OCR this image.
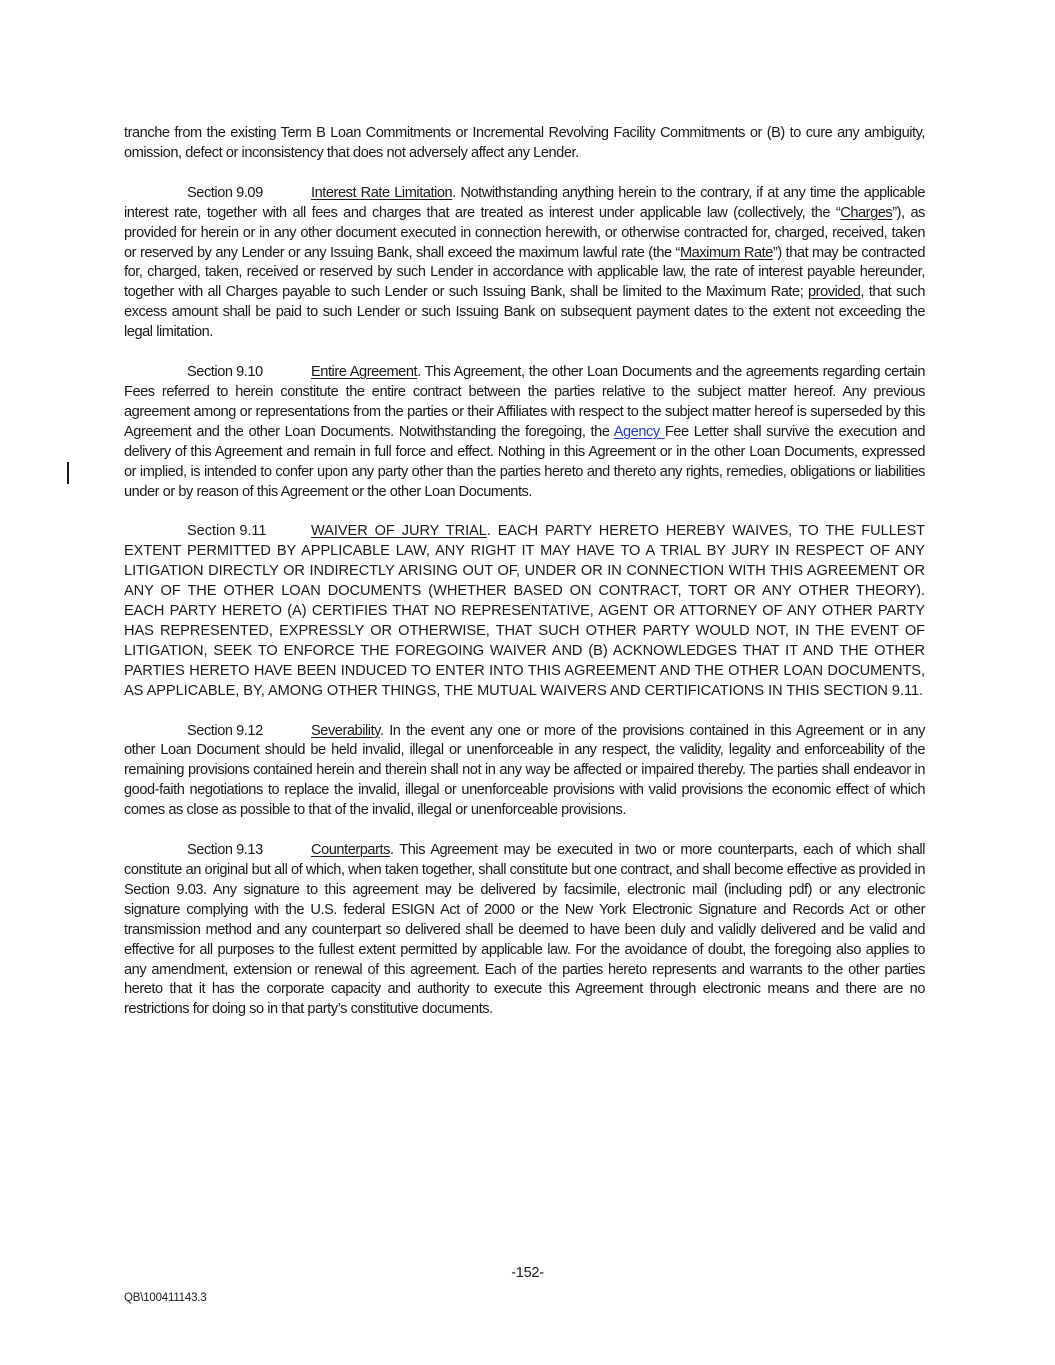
tranche from the existing Term B Loan Commitments or Incremental Revolving Facility Commitments or (B) to cure any ambiguity, omission, defect or inconsistency that does not adversely affect any Lender.

Section 9.09	Interest Rate Limitation. Notwithstanding anything herein to the contrary, if at any time the applicable interest rate, together with all fees and charges that are treated as interest under applicable law (collectively, the “Charges”), as provided for herein or in any other document executed in connection herewith, or otherwise contracted for, charged, received, taken or reserved by any Lender or any Issuing Bank, shall exceed the maximum lawful rate (the “Maximum Rate”) that may be contracted for, charged, taken, received or reserved by such Lender in accordance with applicable law, the rate of interest payable hereunder, together with all Charges payable to such Lender or such Issuing Bank, shall be limited to the Maximum Rate; provided, that such excess amount shall be paid to such Lender or such Issuing Bank on subsequent payment dates to the extent not exceeding the legal limitation.

Section 9.10	Entire Agreement. This Agreement, the other Loan Documents and the agreements regarding certain Fees referred to herein constitute the entire contract between the parties relative to the subject matter hereof. Any previous agreement among or representations from the parties or their Affiliates with respect to the subject matter hereof is superseded by this Agreement and the other Loan Documents. Notwithstanding the foregoing, the Agency Fee Letter shall survive the execution and delivery of this Agreement and remain in full force and effect. Nothing in this Agreement or in the other Loan Documents, expressed or implied, is intended to confer upon any party other than the parties hereto and thereto any rights, remedies, obligations or liabilities under or by reason of this Agreement or the other Loan Documents.

Section 9.11	WAIVER OF JURY TRIAL. EACH PARTY HERETO HEREBY WAIVES, TO THE FULLEST EXTENT PERMITTED BY APPLICABLE LAW, ANY RIGHT IT MAY HAVE TO A TRIAL BY JURY IN RESPECT OF ANY LITIGATION DIRECTLY OR INDIRECTLY ARISING OUT OF, UNDER OR IN CONNECTION WITH THIS AGREEMENT OR ANY OF THE OTHER LOAN DOCUMENTS (WHETHER BASED ON CONTRACT, TORT OR ANY OTHER THEORY). EACH PARTY HERETO (A) CERTIFIES THAT NO REPRESENTATIVE, AGENT OR ATTORNEY OF ANY OTHER PARTY HAS REPRESENTED, EXPRESSLY OR OTHERWISE, THAT SUCH OTHER PARTY WOULD NOT, IN THE EVENT OF LITIGATION, SEEK TO ENFORCE THE FOREGOING WAIVER AND (B) ACKNOWLEDGES THAT IT AND THE OTHER PARTIES HERETO HAVE BEEN INDUCED TO ENTER INTO THIS AGREEMENT AND THE OTHER LOAN DOCUMENTS, AS APPLICABLE, BY, AMONG OTHER THINGS, THE MUTUAL WAIVERS AND CERTIFICATIONS IN THIS SECTION 9.11.

Section 9.12	Severability. In the event any one or more of the provisions contained in this Agreement or in any other Loan Document should be held invalid, illegal or unenforceable in any respect, the validity, legality and enforceability of the remaining provisions contained herein and therein shall not in any way be affected or impaired thereby. The parties shall endeavor in good-faith negotiations to replace the invalid, illegal or unenforceable provisions with valid provisions the economic effect of which comes as close as possible to that of the invalid, illegal or unenforceable provisions.

Section 9.13	Counterparts. This Agreement may be executed in two or more counterparts, each of which shall constitute an original but all of which, when taken together, shall constitute but one contract, and shall become effective as provided in Section 9.03. Any signature to this agreement may be delivered by facsimile, electronic mail (including pdf) or any electronic signature complying with the U.S. federal ESIGN Act of 2000 or the New York Electronic Signature and Records Act or other transmission method and any counterpart so delivered shall be deemed to have been duly and validly delivered and be valid and effective for all purposes to the fullest extent permitted by applicable law. For the avoidance of doubt, the foregoing also applies to any amendment, extension or renewal of this agreement. Each of the parties hereto represents and warrants to the other parties hereto that it has the corporate capacity and authority to execute this Agreement through electronic means and there are no restrictions for doing so in that party’s constitutive documents.

-152-
QB\100411143.3
